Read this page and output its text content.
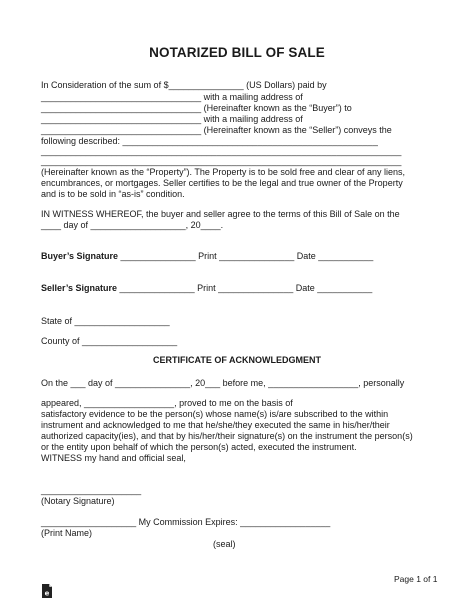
NOTARIZED BILL OF SALE
In Consideration of the sum of $_______________ (US Dollars) paid by
________________________________ with a mailing address of
________________________________ (Hereinafter known as the “Buyer”) to
________________________________ with a mailing address of
________________________________ (Hereinafter known as the “Seller”) conveys the
following described: ___________________________________________________
________________________________________________________________________
________________________________________________________________________
(Hereinafter known as the “Property”). The Property is to be sold free and clear of any liens,
encumbrances, or mortgages. Seller certifies to be the legal and true owner of the Property
and is to be sold in “as-is” condition.
IN WITNESS WHEREOF, the buyer and seller agree to the terms of this Bill of Sale on the
____ day of ___________________, 20____.
Buyer’s Signature _______________ Print _______________ Date ___________
Seller’s Signature _______________ Print _______________ Date ___________
State of ___________________
County of ___________________
CERTIFICATE OF ACKNOWLEDGMENT
On the ___ day of _______________, 20___ before me, __________________, personally
appeared, __________________, proved to me on the basis of
satisfactory evidence to be the person(s) whose name(s) is/are subscribed to the within
instrument and acknowledged to me that he/she/they executed the same in his/her/their
authorized capacity(ies), and that by his/her/their signature(s) on the instrument the person(s)
or the entity upon behalf of which the person(s) acted, executed the instrument.
WITNESS my hand and official seal,
____________________
(Notary Signature)
___________________ My Commission Expires: __________________
(Print Name)
(seal)
e
Page 1 of 1
